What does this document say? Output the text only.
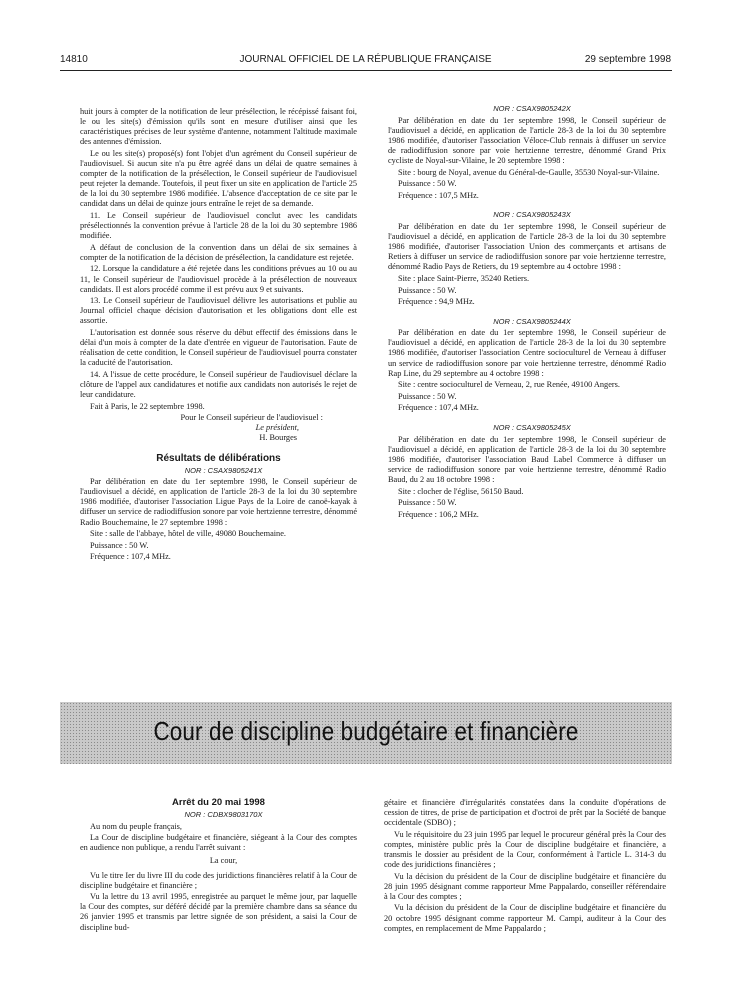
14810	JOURNAL OFFICIEL DE LA RÉPUBLIQUE FRANÇAISE	29 septembre 1998

huit jours à compter de la notification de leur présélection, le récépissé faisant foi, le ou les site(s) d'émission qu'ils sont en mesure d'utiliser ainsi que les caractéristiques précises de leur système d'antenne, notamment l'altitude maximale des antennes d'émission.

Le ou les site(s) proposé(s) font l'objet d'un agrément du Conseil supérieur de l'audiovisuel. Si aucun site n'a pu être agréé dans un délai de quatre semaines à compter de la notification de la présélection, le Conseil supérieur de l'audiovisuel peut rejeter la demande. Toutefois, il peut fixer un site en application de l'article 25 de la loi du 30 septembre 1986 modifiée. L'absence d'acceptation de ce site par le candidat dans un délai de quinze jours entraîne le rejet de sa demande.

11. Le Conseil supérieur de l'audiovisuel conclut avec les candidats présélectionnés la convention prévue à l'article 28 de la loi du 30 septembre 1986 modifiée.

A défaut de conclusion de la convention dans un délai de six semaines à compter de la notification de la décision de présélection, la candidature est rejetée.

12. Lorsque la candidature a été rejetée dans les conditions prévues au 10 ou au 11, le Conseil supérieur de l'audiovisuel procède à la présélection de nouveaux candidats. Il est alors procédé comme il est prévu aux 9 et suivants.

13. Le Conseil supérieur de l'audiovisuel délivre les autorisations et publie au Journal officiel chaque décision d'autorisation et les obligations dont elle est assortie.

L'autorisation est donnée sous réserve du début effectif des émissions dans le délai d'un mois à compter de la date d'entrée en vigueur de l'autorisation. Faute de réalisation de cette condition, le Conseil supérieur de l'audiovisuel pourra constater la caducité de l'autorisation.

14. A l'issue de cette procédure, le Conseil supérieur de l'audiovisuel déclare la clôture de l'appel aux candidatures et notifie aux candidats non autorisés le rejet de leur candidature.

Fait à Paris, le 22 septembre 1998.

Pour le Conseil supérieur de l'audiovisuel :

Le président,

H. Bourges

Résultats de délibérations

NOR : CSAX9805241X

Par délibération en date du 1er septembre 1998, le Conseil supérieur de l'audiovisuel a décidé, en application de l'article 28-3 de la loi du 30 septembre 1986 modifiée, d'autoriser l'association Ligue Pays de la Loire de canoë-kayak à diffuser un service de radiodiffusion sonore par voie hertzienne terrestre, dénommé Radio Bouchemaine, le 27 septembre 1998 :

Site : salle de l'abbaye, hôtel de ville, 49080 Bouchemaine.

Puissance : 50 W.

Fréquence : 107,4 MHz.

NOR : CSAX9805242X

Par délibération en date du 1er septembre 1998, le Conseil supérieur de l'audiovisuel a décidé, en application de l'article 28-3 de la loi du 30 septembre 1986 modifiée, d'autoriser l'association Véloce-Club rennais à diffuser un service de radiodiffusion sonore par voie hertzienne terrestre, dénommé Grand Prix cycliste de Noyal-sur-Vilaine, le 20 septembre 1998 :

Site : bourg de Noyal, avenue du Général-de-Gaulle, 35530 Noyal-sur-Vilaine.

Puissance : 50 W.

Fréquence : 107,5 MHz.

NOR : CSAX9805243X

Par délibération en date du 1er septembre 1998, le Conseil supérieur de l'audiovisuel a décidé, en application de l'article 28-3 de la loi du 30 septembre 1986 modifiée, d'autoriser l'association Union des commerçants et artisans de Retiers à diffuser un service de radiodiffusion sonore par voie hertzienne terrestre, dénommé Radio Pays de Retiers, du 19 septembre au 4 octobre 1998 :

Site : place Saint-Pierre, 35240 Retiers.

Puissance : 50 W.

Fréquence : 94,9 MHz.

NOR : CSAX9805244X

Par délibération en date du 1er septembre 1998, le Conseil supérieur de l'audiovisuel a décidé, en application de l'article 28-3 de la loi du 30 septembre 1986 modifiée, d'autoriser l'association Centre socioculturel de Verneau à diffuser un service de radiodiffusion sonore par voie hertzienne terrestre, dénommé Radio Rap Line, du 29 septembre au 4 octobre 1998 :

Site : centre socioculturel de Verneau, 2, rue Renée, 49100 Angers.

Puissance : 50 W.

Fréquence : 107,4 MHz.

NOR : CSAX9805245X

Par délibération en date du 1er septembre 1998, le Conseil supérieur de l'audiovisuel a décidé, en application de l'article 28-3 de la loi du 30 septembre 1986 modifiée, d'autoriser l'association Baud Label Commerce à diffuser un service de radiodiffusion sonore par voie hertzienne terrestre, dénommé Radio Baud, du 2 au 18 octobre 1998 :

Site : clocher de l'église, 56150 Baud.

Puissance : 50 W.

Fréquence : 106,2 MHz.

Cour de discipline budgétaire et financière
Arrêt du 20 mai 1998

NOR : CDBX9803170X

Au nom du peuple français,

La Cour de discipline budgétaire et financière, siégeant à la Cour des comptes en audience non publique, a rendu l'arrêt suivant :

La cour,

Vu le titre Ier du livre III du code des juridictions financières relatif à la Cour de discipline budgétaire et financière ;

Vu la lettre du 13 avril 1995, enregistrée au parquet le même jour, par laquelle la Cour des comptes, sur déféré décidé par la première chambre dans sa séance du 26 janvier 1995 et transmis par lettre signée de son président, a saisi la Cour de discipline bud-

gétaire et financière d'irrégularités constatées dans la conduite d'opérations de cession de titres, de prise de participation et d'octroi de prêt par la Société de banque occidentale (SDBO) ;

Vu le réquisitoire du 23 juin 1995 par lequel le procureur général près la Cour des comptes, ministère public près la Cour de discipline budgétaire et financière, a transmis le dossier au président de la Cour, conformément à l'article L. 314-3 du code des juridictions financières ;

Vu la décision du président de la Cour de discipline budgétaire et financière du 28 juin 1995 désignant comme rapporteur Mme Pappalardo, conseiller référendaire à la Cour des comptes ;

Vu la décision du président de la Cour de discipline budgétaire et financière du 20 octobre 1995 désignant comme rapporteur M. Campi, auditeur à la Cour des comptes, en remplacement de Mme Pappalardo ;
